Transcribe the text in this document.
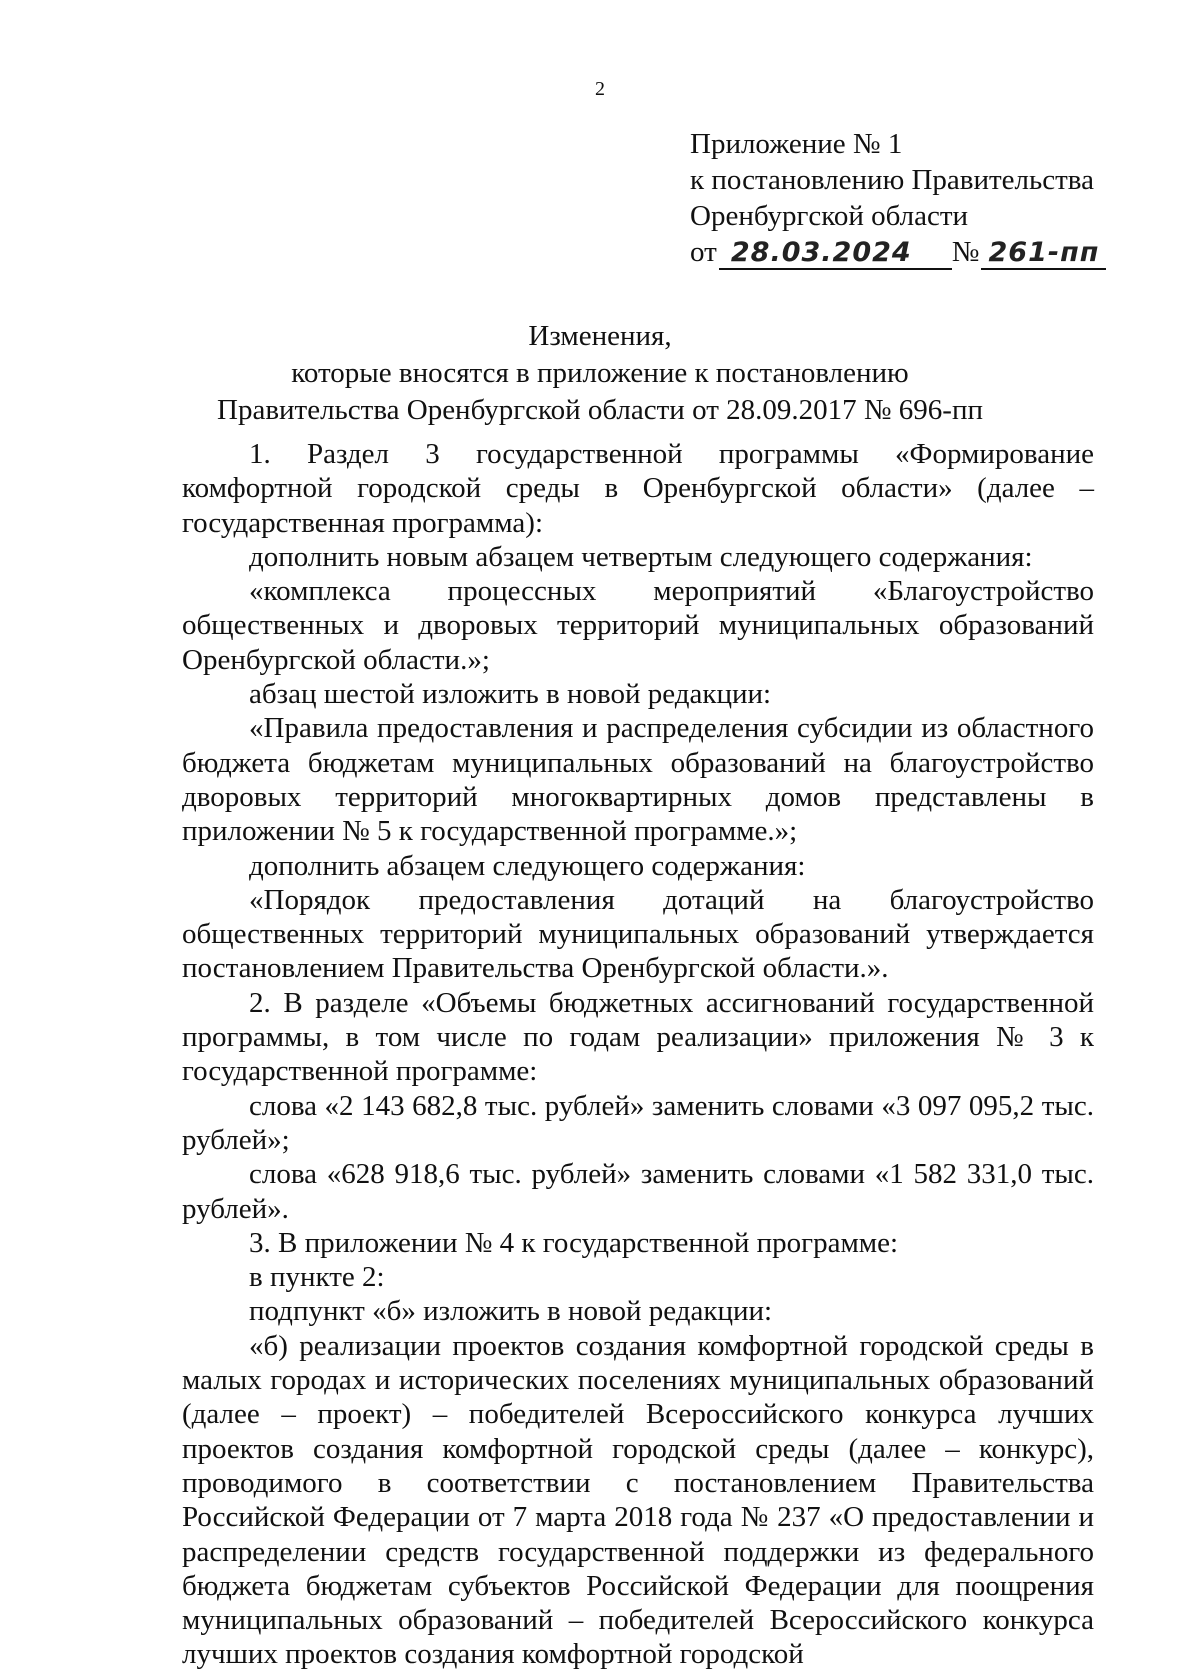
2
Приложение № 1
к постановлению Правительства
Оренбургской области
от 28.03.2024	№ 261-пп
Изменения,
которые вносятся в приложение к постановлению
Правительства Оренбургской области от 28.09.2017 № 696-пп

1. Раздел 3 государственной программы «Формирование комфортной городской среды в Оренбургской области» (далее – государственная программа):

дополнить новым абзацем четвертым следующего содержания:

«комплекса процессных мероприятий «Благоустройство общественных и дворовых территорий муниципальных образований Оренбургской области.»;

абзац шестой изложить в новой редакции:

«Правила предоставления и распределения субсидии из областного бюджета бюджетам муниципальных образований на благоустройство дворовых территорий многоквартирных домов представлены в приложении № 5 к государственной программе.»;

дополнить абзацем следующего содержания:

«Порядок предоставления дотаций на благоустройство общественных территорий муниципальных образований утверждается постановлением Правительства Оренбургской области.».

2. В разделе «Объемы бюджетных ассигнований государственной программы, в том числе по годам реализации» приложения № 3 к государственной программе:

слова «2 143 682,8 тыс. рублей» заменить словами «3 097 095,2 тыс. рублей»;

слова «628 918,6 тыс. рублей» заменить словами «1 582 331,0 тыс. рублей».

3. В приложении № 4 к государственной программе:

в пункте 2:

подпункт «б» изложить в новой редакции:

«б) реализации проектов создания комфортной городской среды в малых городах и исторических поселениях муниципальных образований (далее – проект) – победителей Всероссийского конкурса лучших проектов создания комфортной городской среды (далее – конкурс), проводимого в соответствии с постановлением Правительства Российской Федерации от 7 марта 2018 года № 237 «О предоставлении и распределении средств государственной поддержки из федерального бюджета бюджетам субъектов Российской Федерации для поощрения муниципальных образований – победителей Всероссийского конкурса лучших проектов создания комфортной городской
